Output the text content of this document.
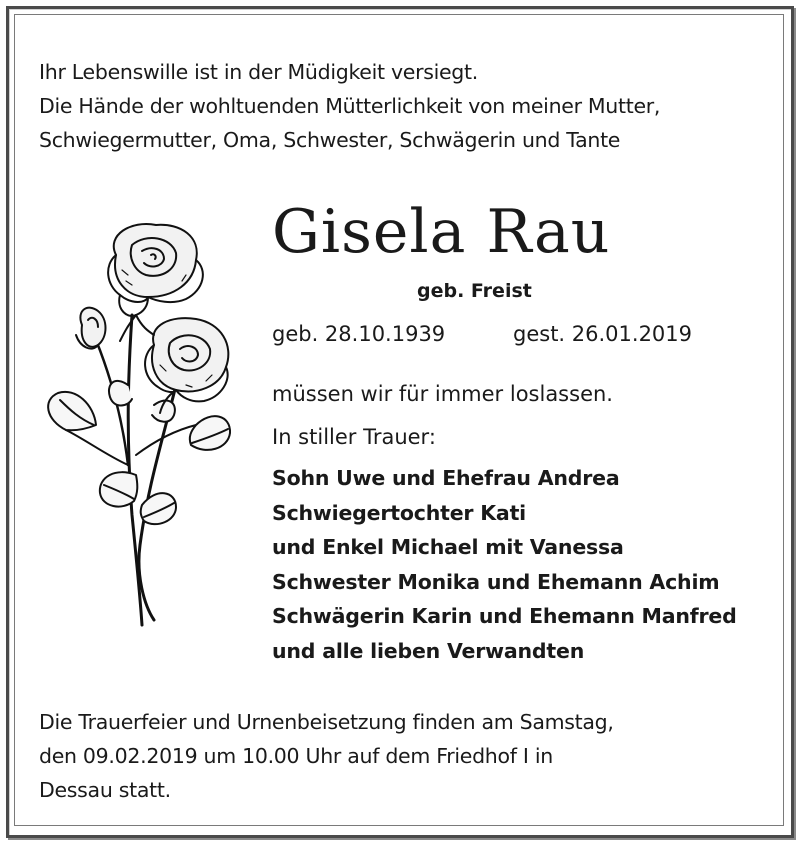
Ihr Lebenswille ist in der Müdigkeit versiegt.
Die Hände der wohltuenden Mütterlichkeit von meiner Mutter,
Schwiegermutter, Oma, Schwester, Schwägerin und Tante
Gisela Rau
geb. Freist
geb. 28.10.1939	gest. 26.01.2019
müssen wir für immer loslassen.
In stiller Trauer:
Sohn Uwe und Ehefrau Andrea
Schwiegertochter Kati
und Enkel Michael mit Vanessa
Schwester Monika und Ehemann Achim
Schwägerin Karin und Ehemann Manfred
und alle lieben Verwandten
Die Trauerfeier und Urnenbeisetzung finden am Samstag,
den 09.02.2019 um 10.00 Uhr auf dem Friedhof I in
Dessau statt.
